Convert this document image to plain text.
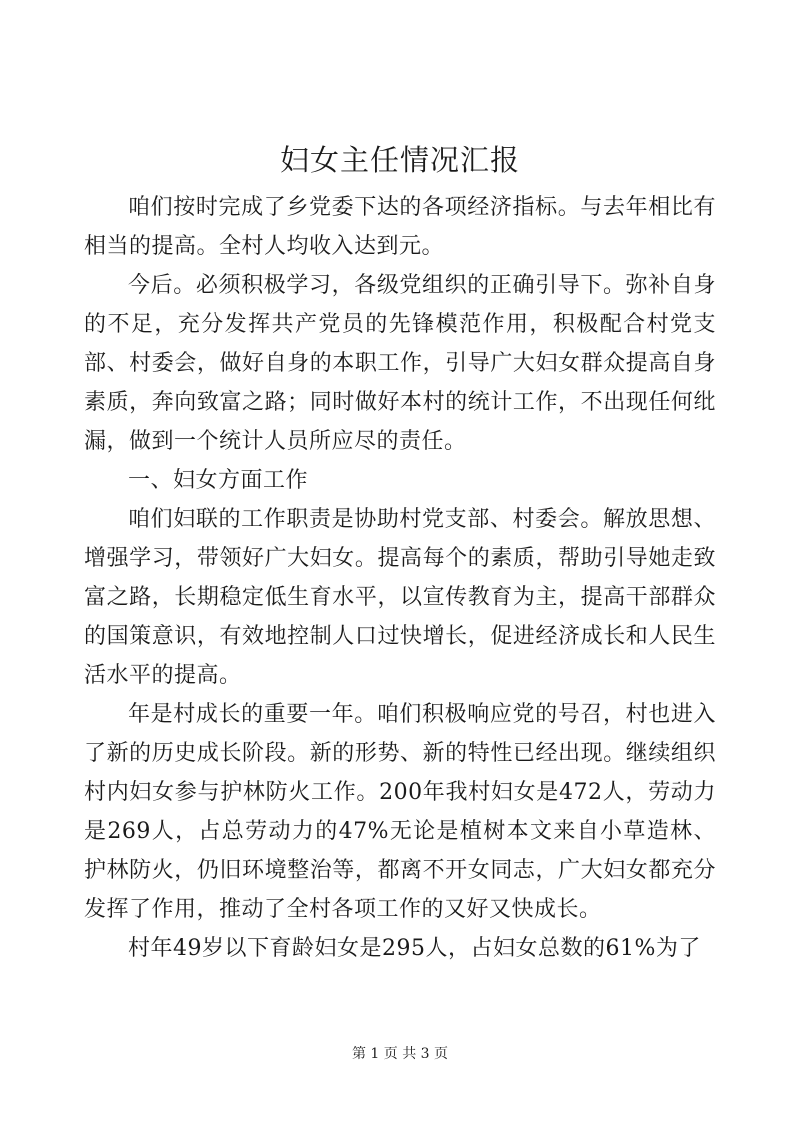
妇女主任情况汇报

咱们按时完成了乡党委下达的各项经济指标。与去年相比有相当的提高。全村人均收入达到元。

今后。必须积极学习，各级党组织的正确引导下。弥补自身的不足，充分发挥共产党员的先锋模范作用，积极配合村党支部、村委会，做好自身的本职工作，引导广大妇女群众提高自身素质，奔向致富之路；同时做好本村的统计工作，不出现任何纰漏，做到一个统计人员所应尽的责任。

一、妇女方面工作

咱们妇联的工作职责是协助村党支部、村委会。解放思想、增强学习，带领好广大妇女。提高每个的素质，帮助引导她走致富之路，长期稳定低生育水平，以宣传教育为主，提高干部群众的国策意识，有效地控制人口过快增长，促进经济成长和人民生活水平的提高。

年是村成长的重要一年。咱们积极响应党的号召，村也进入了新的历史成长阶段。新的形势、新的特性已经出现。继续组织村内妇女参与护林防火工作。200年我村妇女是472人，劳动力是269人，占总劳动力的47%无论是植树本文来自小草造林、护林防火，仍旧环境整治等，都离不开女同志，广大妇女都充分发挥了作用，推动了全村各项工作的又好又快成长。

村年49岁以下育龄妇女是295人，占妇女总数的61%为了

第 1 页 共 3 页
